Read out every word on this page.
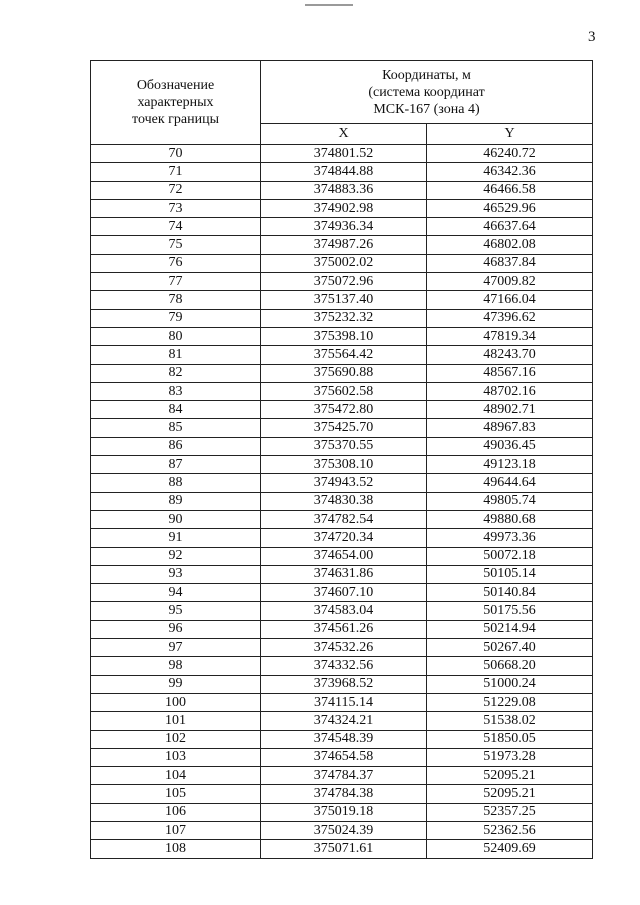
3
Обозначение
характерных
точек границы	Координаты, м
(система координат
МСК-167 (зона 4)	

	X	Y
70	374801.52	46240.72
71	374844.88	46342.36
72	374883.36	46466.58
73	374902.98	46529.96
74	374936.34	46637.64
75	374987.26	46802.08
76	375002.02	46837.84
77	375072.96	47009.82
78	375137.40	47166.04
79	375232.32	47396.62
80	375398.10	47819.34
81	375564.42	48243.70
82	375690.88	48567.16
83	375602.58	48702.16
84	375472.80	48902.71
85	375425.70	48967.83
86	375370.55	49036.45
87	375308.10	49123.18
88	374943.52	49644.64
89	374830.38	49805.74
90	374782.54	49880.68
91	374720.34	49973.36
92	374654.00	50072.18
93	374631.86	50105.14
94	374607.10	50140.84
95	374583.04	50175.56
96	374561.26	50214.94
97	374532.26	50267.40
98	374332.56	50668.20
99	373968.52	51000.24
100	374115.14	51229.08
101	374324.21	51538.02
102	374548.39	51850.05
103	374654.58	51973.28
104	374784.37	52095.21
105	374784.38	52095.21
106	375019.18	52357.25
107	375024.39	52362.56
108	375071.61	52409.69
